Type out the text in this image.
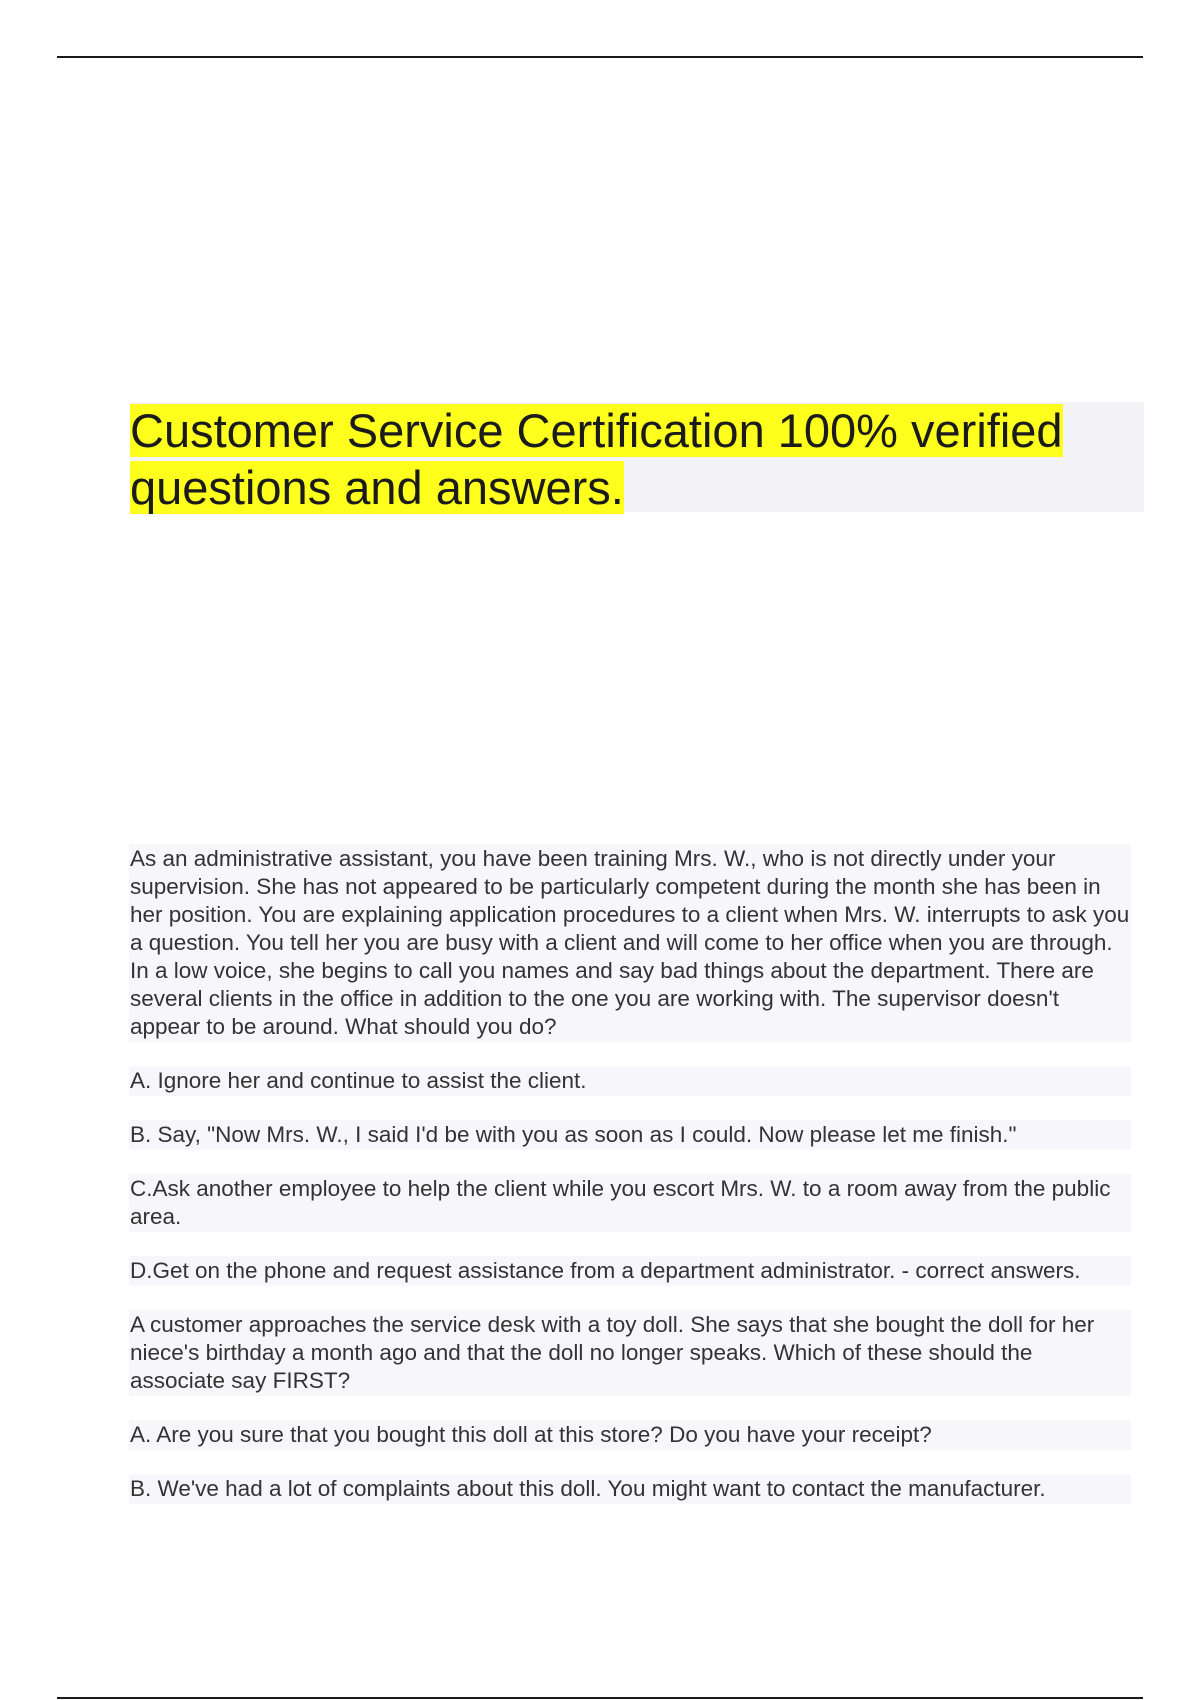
Customer Service Certification 100% verified questions and answers.

As an administrative assistant, you have been training Mrs. W., who is not directly under your supervision. She has not appeared to be particularly competent during the month she has been in her position. You are explaining application procedures to a client when Mrs. W. interrupts to ask you a question. You tell her you are busy with a client and will come to her office when you are through. In a low voice, she begins to call you names and say bad things about the department. There are several clients in the office in addition to the one you are working with. The supervisor doesn't appear to be around. What should you do?

A. Ignore her and continue to assist the client.

B. Say, "Now Mrs. W., I said I'd be with you as soon as I could. Now please let me finish."

C.Ask another employee to help the client while you escort Mrs. W. to a room away from the public area.

D.Get on the phone and request assistance from a department administrator. - correct answers.

A customer approaches the service desk with a toy doll. She says that she bought the doll for her niece's birthday a month ago and that the doll no longer speaks. Which of these should the associate say FIRST?

A. Are you sure that you bought this doll at this store? Do you have your receipt?

B. We've had a lot of complaints about this doll. You might want to contact the manufacturer.
